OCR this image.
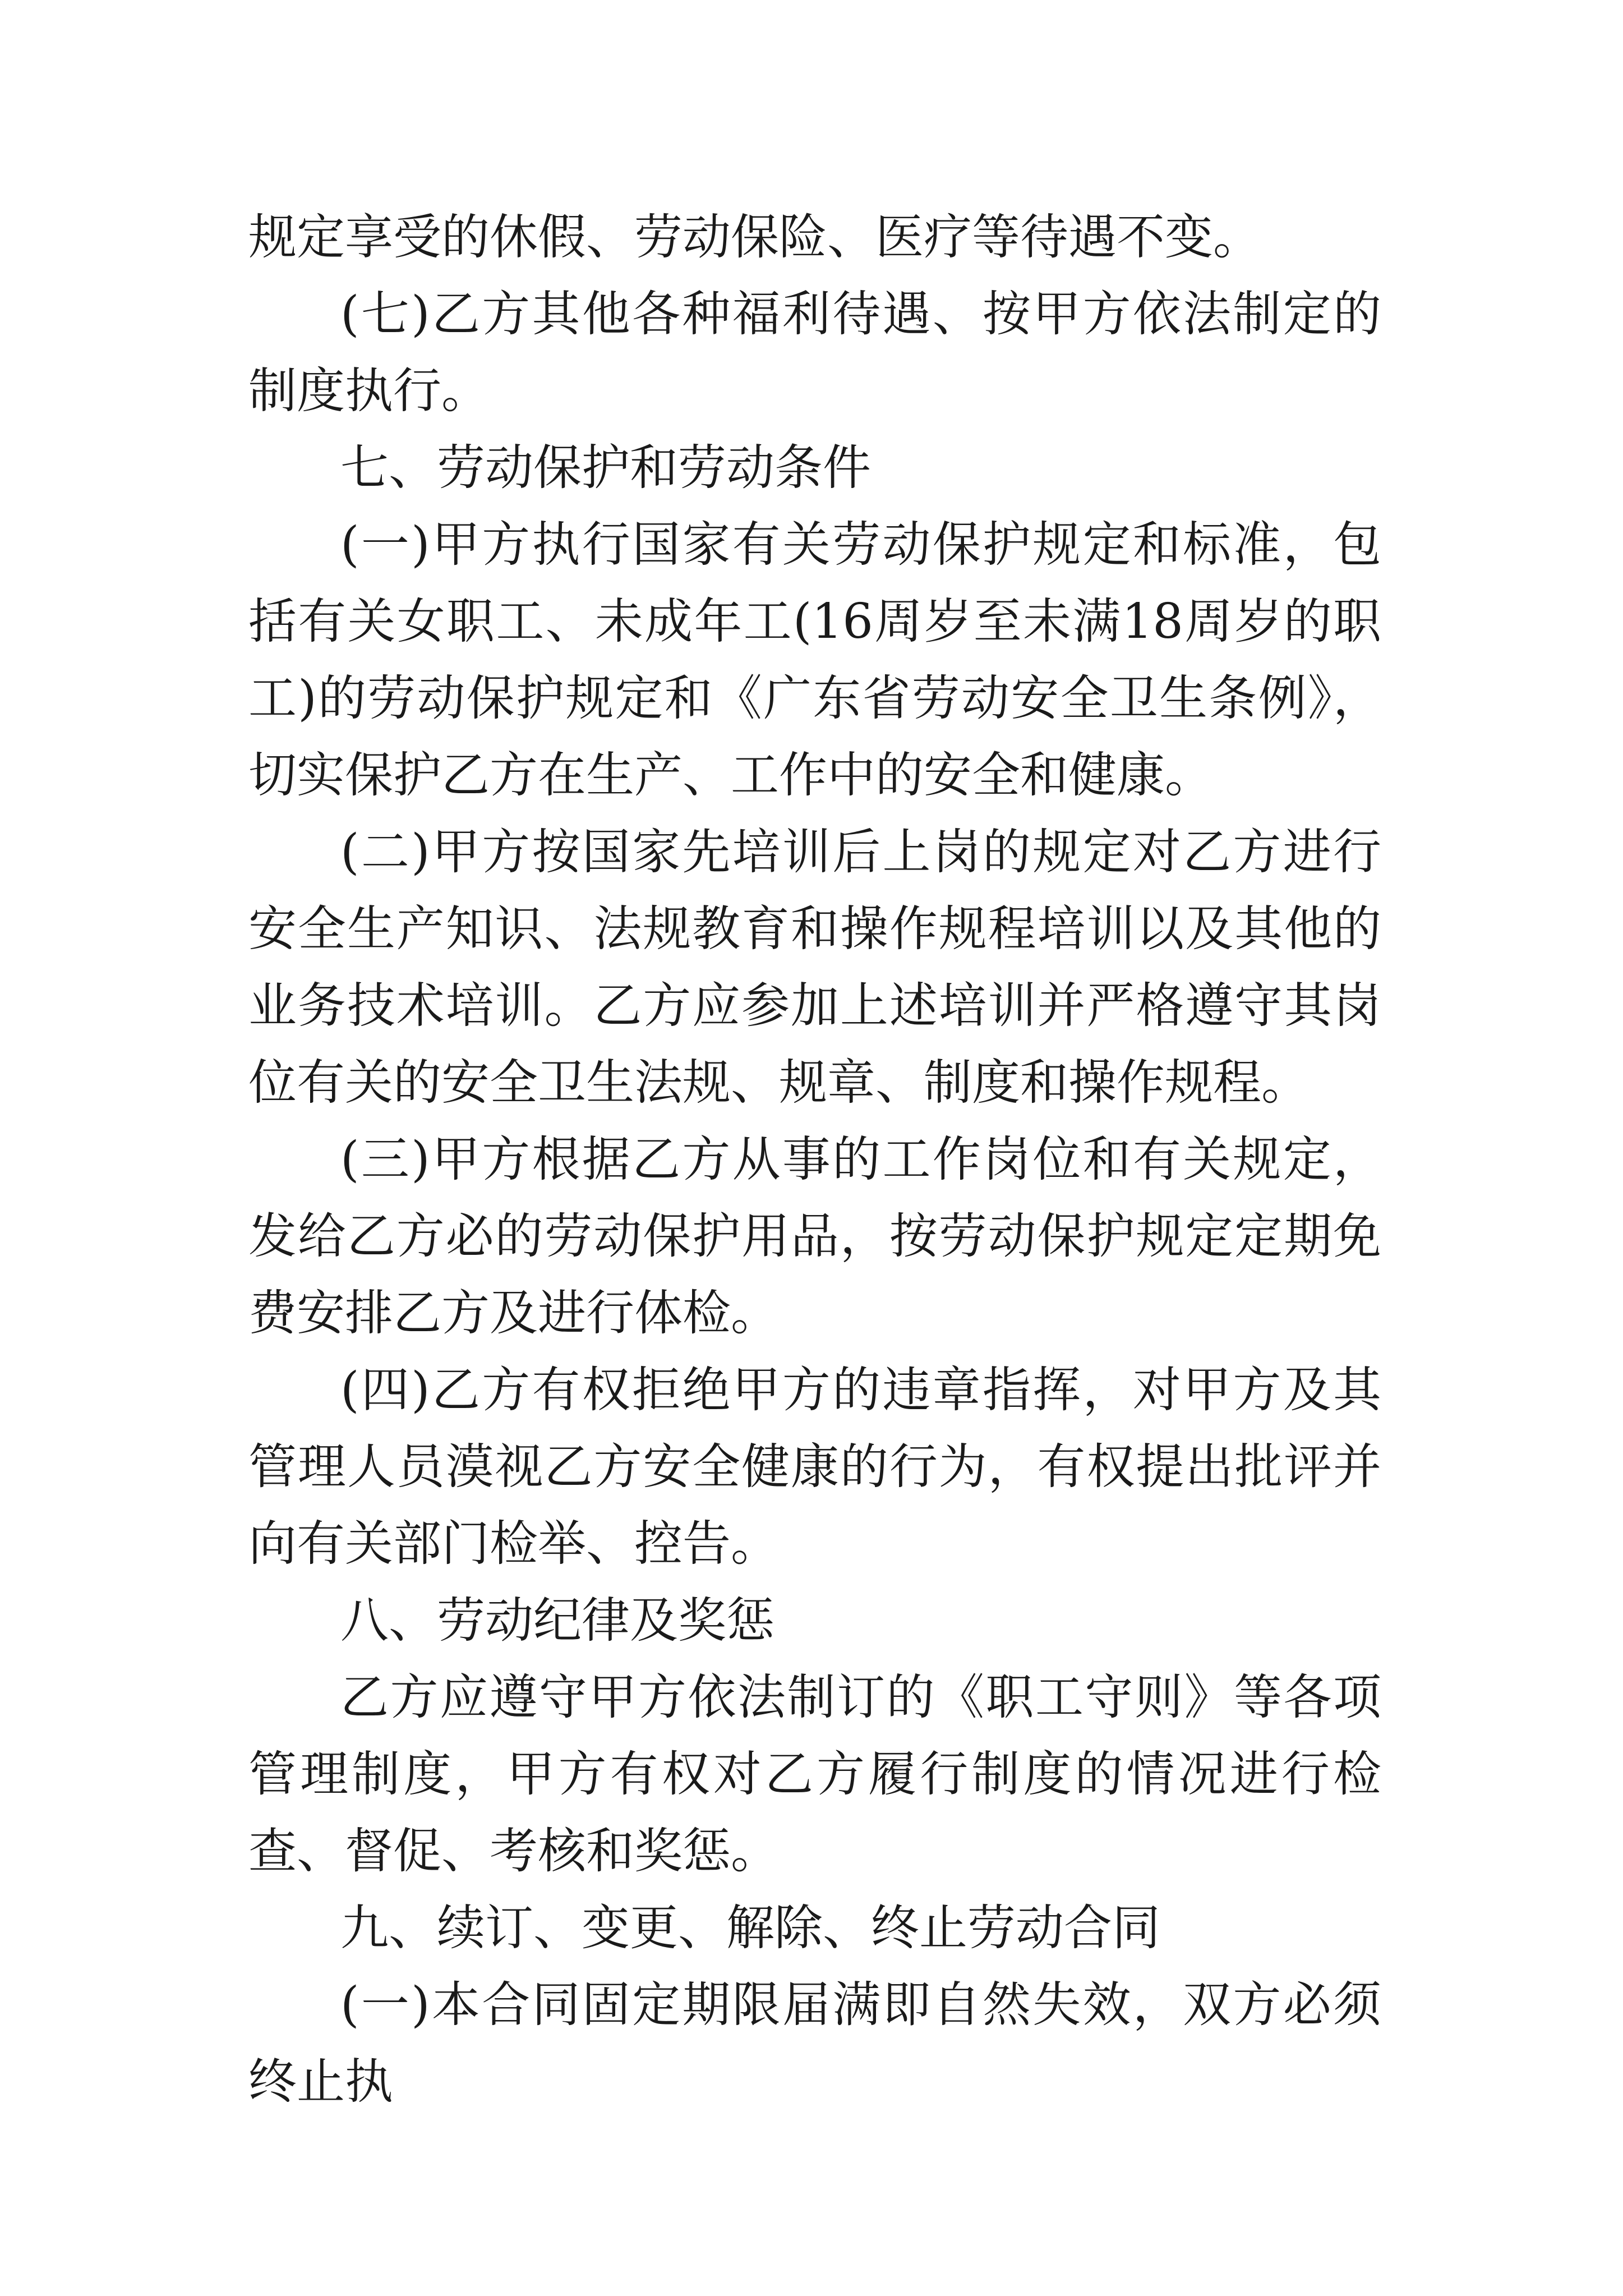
规定享受的休假、劳动保险、医疗等待遇不变。

(七)乙方其他各种福利待遇、按甲方依法制定的制度执行。

七、劳动保护和劳动条件

(一)甲方执行国家有关劳动保护规定和标准，包括有关女职工、未成年工(16周岁至未满18周岁的职工)的劳动保护规定和《广东省劳动安全卫生条例》，切实保护乙方在生产、工作中的安全和健康。

(二)甲方按国家先培训后上岗的规定对乙方进行安全生产知识、法规教育和操作规程培训以及其他的业务技术培训。乙方应参加上述培训并严格遵守其岗位有关的安全卫生法规、规章、制度和操作规程。

(三)甲方根据乙方从事的工作岗位和有关规定，发给乙方必的劳动保护用品，按劳动保护规定定期免费安排乙方及进行体检。

(四)乙方有权拒绝甲方的违章指挥，对甲方及其管理人员漠视乙方安全健康的行为，有权提出批评并向有关部门检举、控告。

八、劳动纪律及奖惩

乙方应遵守甲方依法制订的《职工守则》等各项管理制度，甲方有权对乙方履行制度的情况进行检查、督促、考核和奖惩。

九、续订、变更、解除、终止劳动合同

(一)本合同固定期限届满即自然失效，双方必须终止执
